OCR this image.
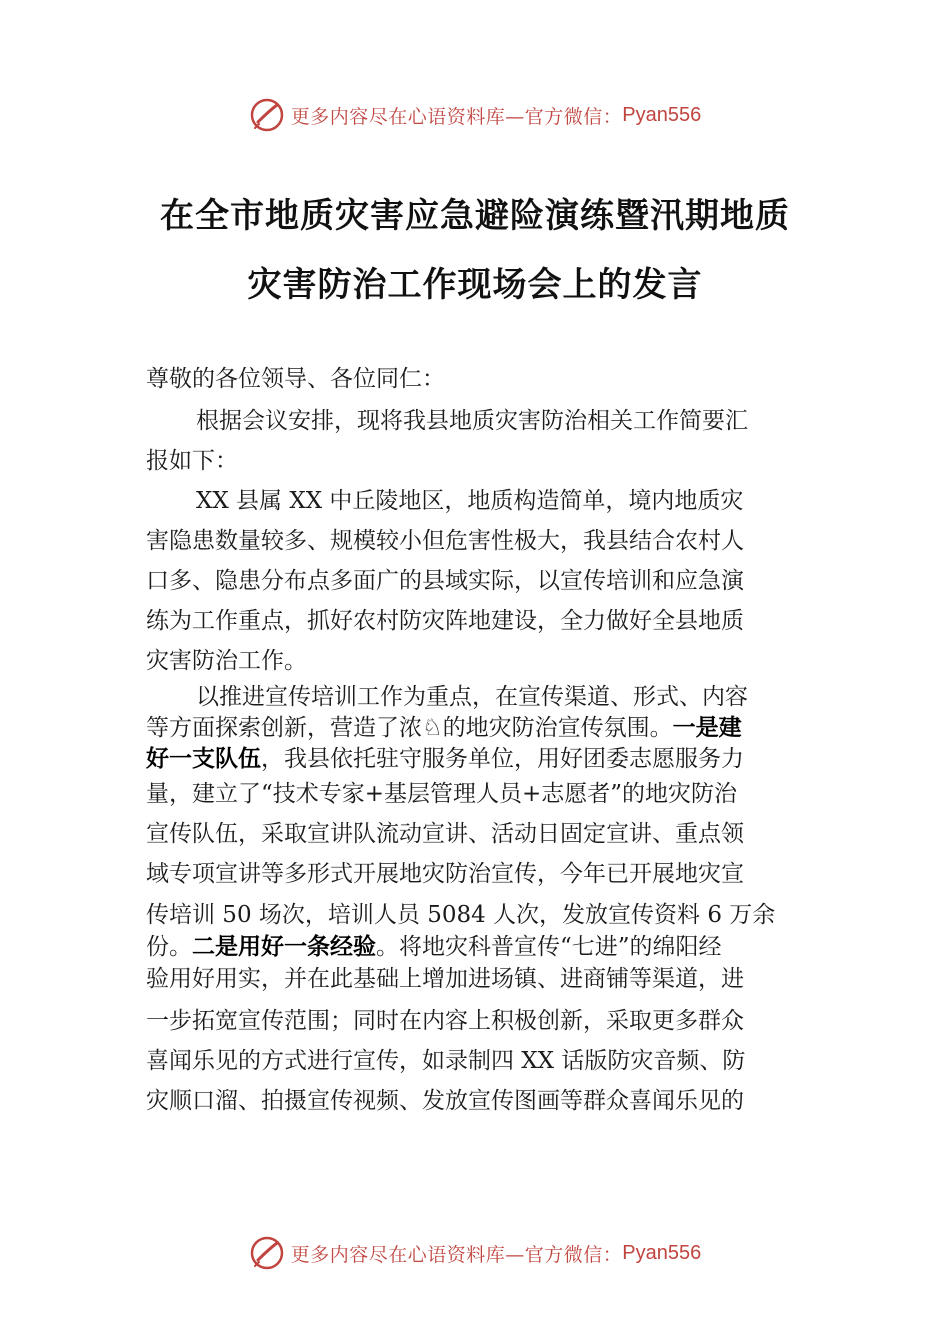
更多内容尽在心语资料库—官方微信： Pyan556
在全市地质灾害应急避险演练暨汛期地质
灾害防治工作现场会上的发言
尊敬的各位领导、各位同仁：
根据会议安排，现将我县地质灾害防治相关工作简要汇
报如下：
XX 县属 XX 中丘陵地区，地质构造简单，境内地质灾
害隐患数量较多、规模较小但危害性极大，我县结合农村人
口多、隐患分布点多面广的县域实际，以宣传培训和应急演
练为工作重点，抓好农村防灾阵地建设，全力做好全县地质
灾害防治工作。
以推进宣传培训工作为重点，在宣传渠道、形式、内容
等方面探索创新，营造了浓♘的地灾防治宣传氛围。一是建
好一支队伍，我县依托驻守服务单位，用好团委志愿服务力
量，建立了“技术专家+基层管理人员+志愿者”的地灾防治
宣传队伍，采取宣讲队流动宣讲、活动日固定宣讲、重点领
域专项宣讲等多形式开展地灾防治宣传，今年已开展地灾宣
传培训 50 场次，培训人员 5084 人次，发放宣传资料 6 万余
份。二是用好一条经验。将地灾科普宣传“七进”的绵阳经
验用好用实，并在此基础上增加进场镇、进商铺等渠道，进
一步拓宽宣传范围；同时在内容上积极创新，采取更多群众
喜闻乐见的方式进行宣传，如录制四 XX 话版防灾音频、防
灾顺口溜、拍摄宣传视频、发放宣传图画等群众喜闻乐见的
更多内容尽在心语资料库—官方微信： Pyan556
